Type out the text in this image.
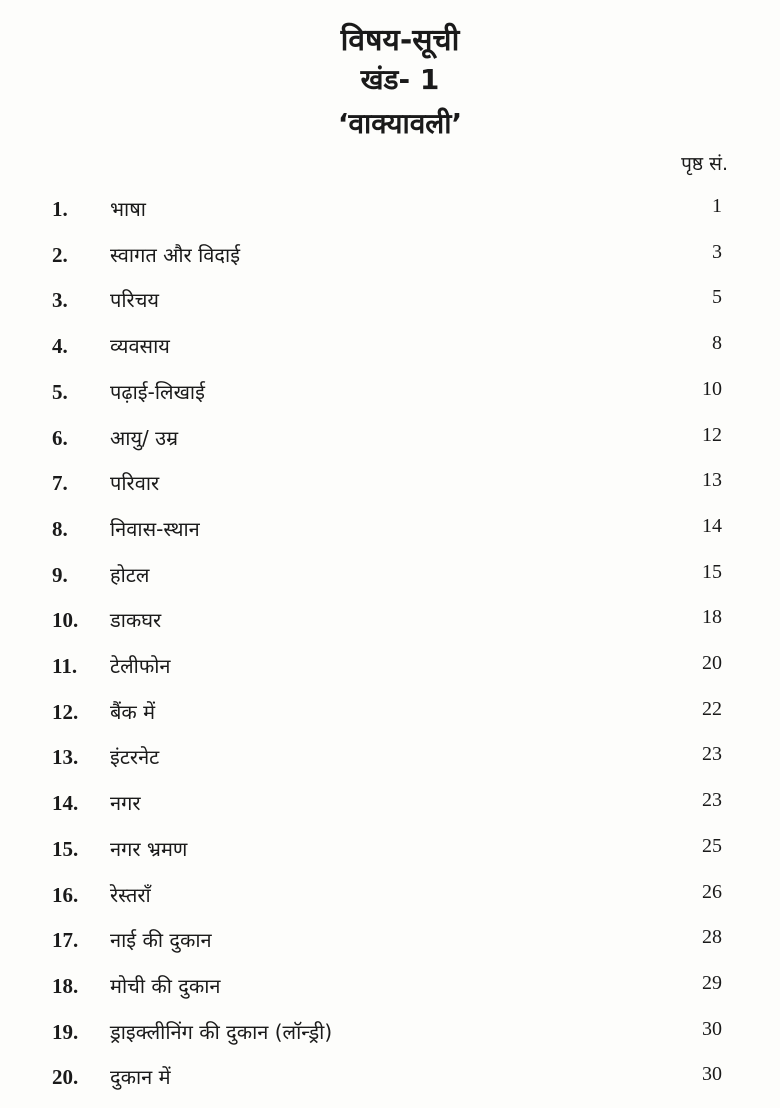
विषय-सूची
खंड- 1
‘वाक्यावली’
पृष्ठ सं.
1. भाषा	1
2. स्वागत और विदाई	3
3. परिचय	5
4. व्यवसाय	8
5. पढ़ाई-लिखाई	10
6. आयु/ उम्र	12
7. परिवार	13
8. निवास-स्थान	14
9. होटल	15
10. डाकघर	18
11. टेलीफोन	20
12. बैंक में	22
13. इंटरनेट	23
14. नगर	23
15. नगर भ्रमण	25
16. रेस्तराँ	26
17. नाई की दुकान	28
18. मोची की दुकान	29
19. ड्राइक्लीनिंग की दुकान (लॉन्ड्री)	30
20. दुकान में	30
